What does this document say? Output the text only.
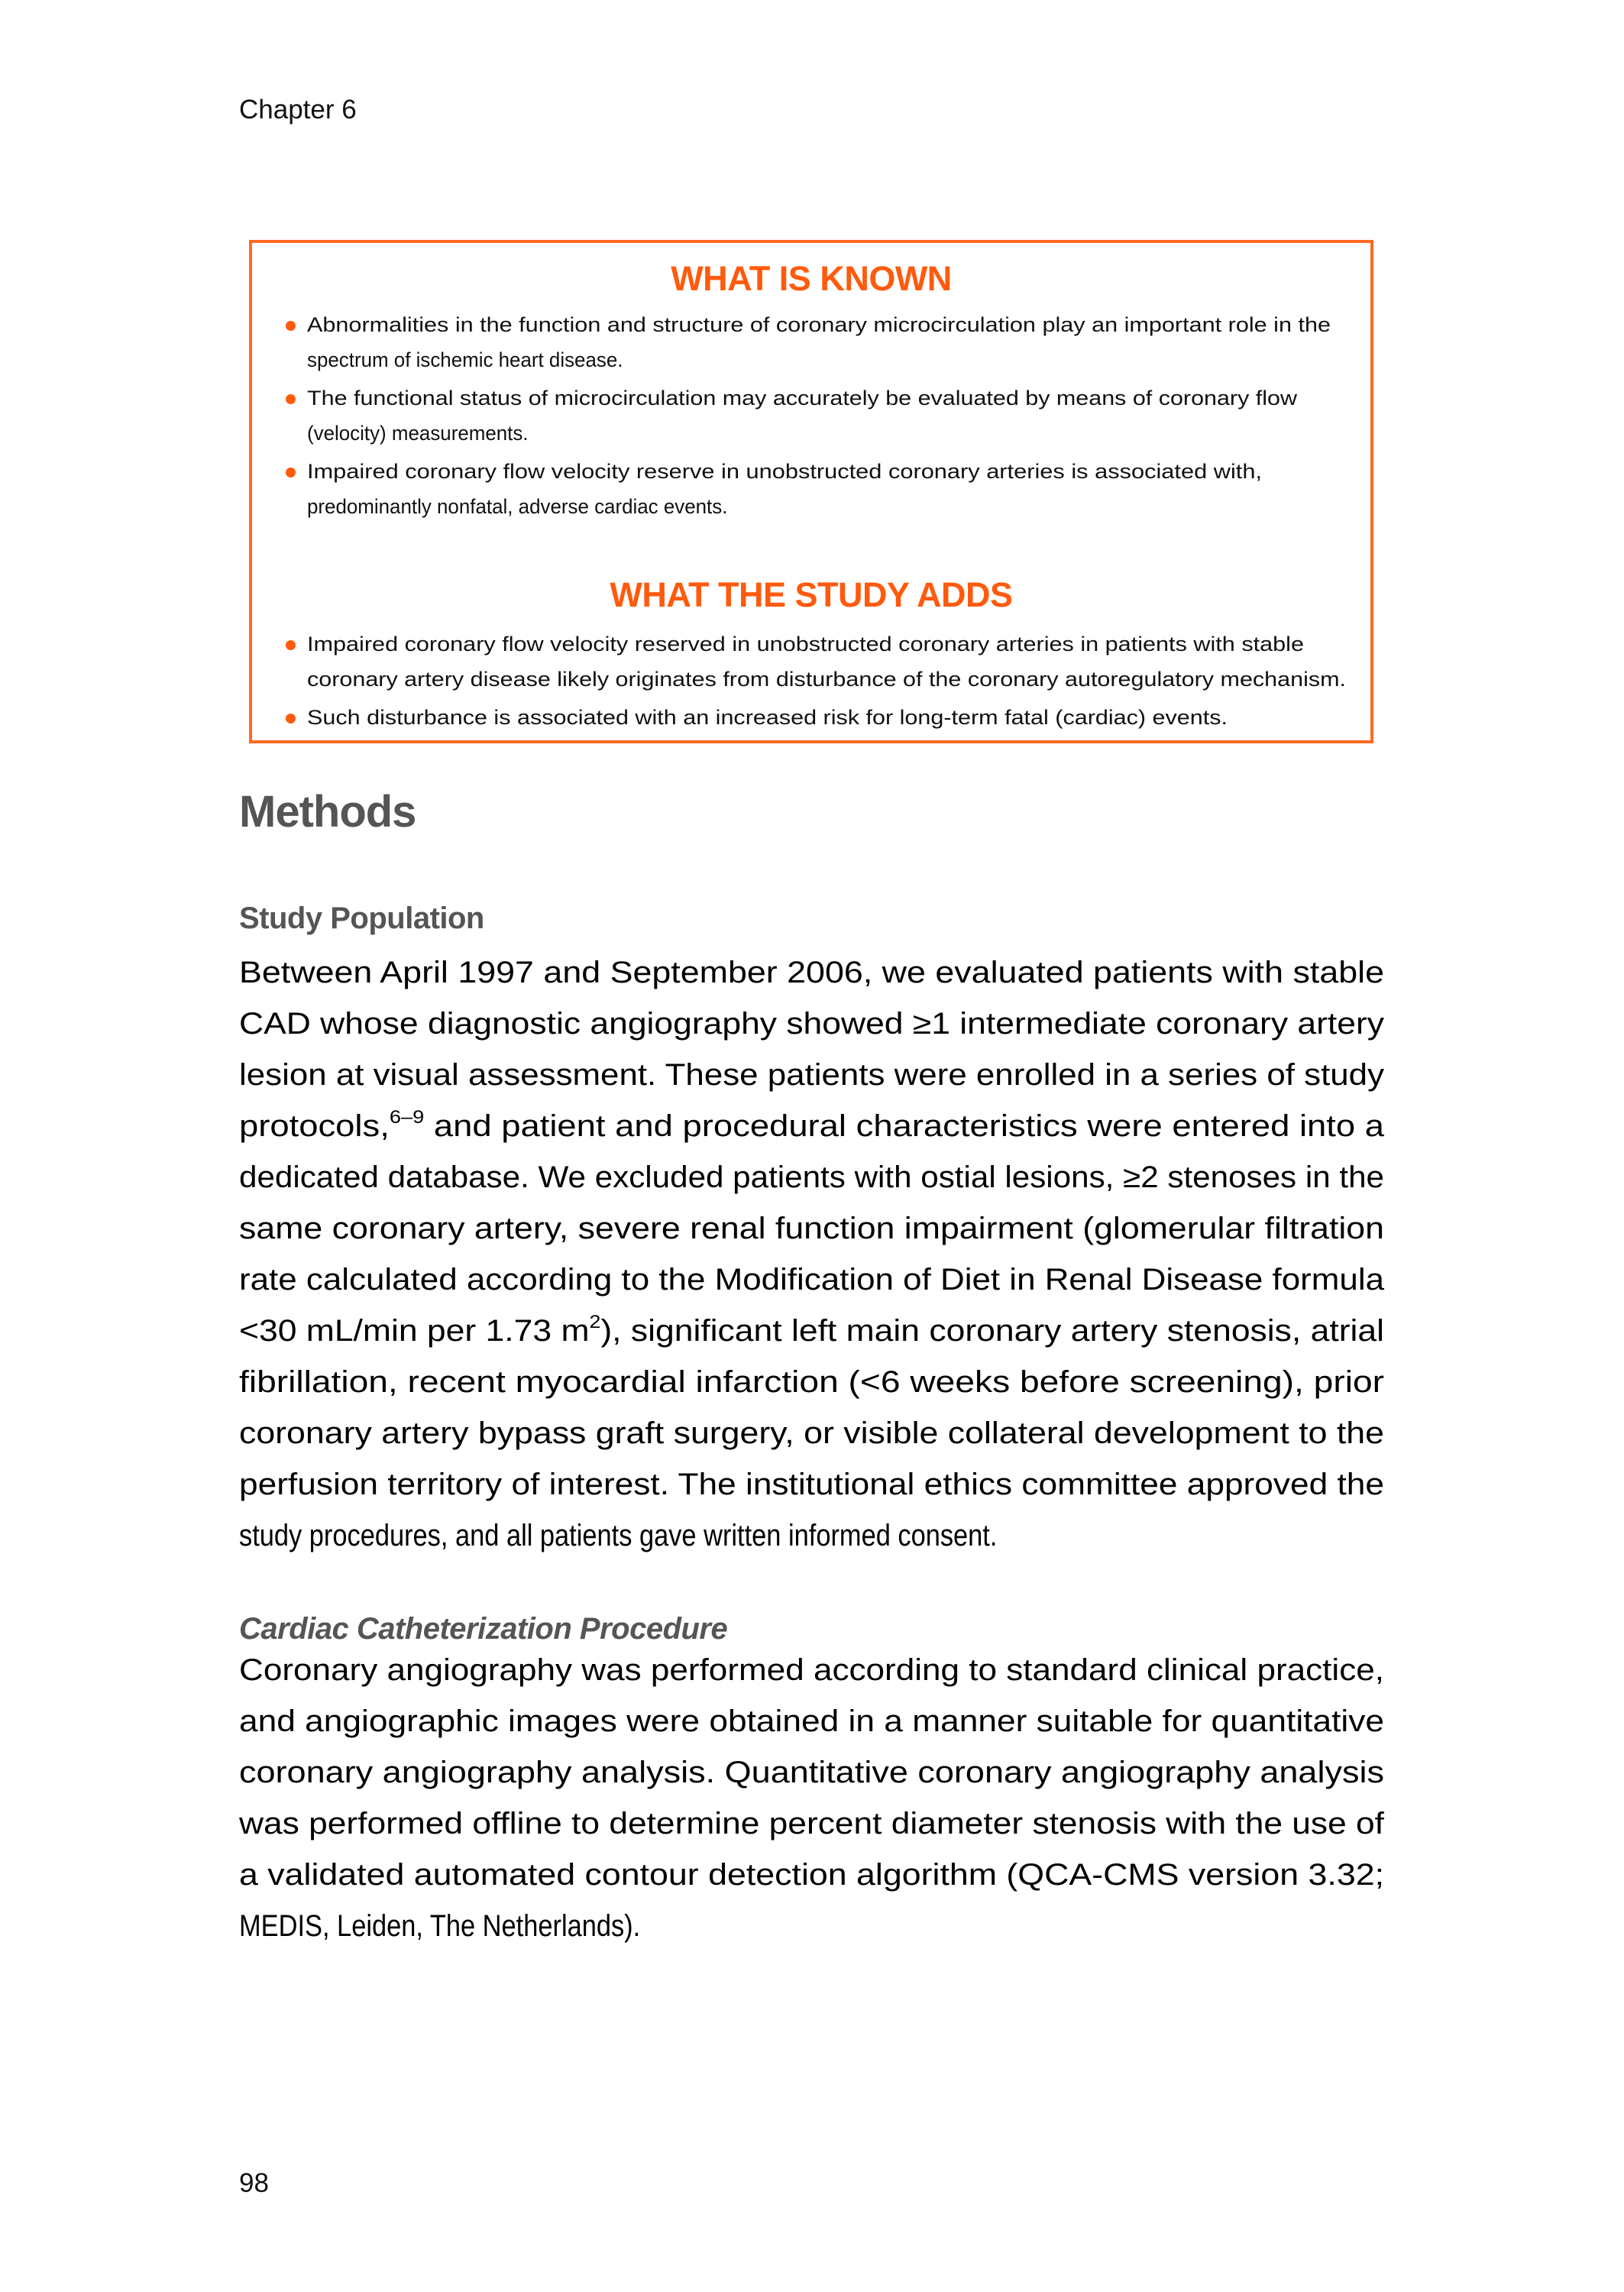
Chapter 6
WHAT IS KNOWN
Abnormalities in the function and structure of coronary microcirculation play an important role in the
spectrum of ischemic heart disease.
The functional status of microcirculation may accurately be evaluated by means of coronary flow
(velocity) measurements.
Impaired coronary flow velocity reserve in unobstructed coronary arteries is associated with,
predominantly nonfatal, adverse cardiac events.
WHAT THE STUDY ADDS
Impaired coronary flow velocity reserved in unobstructed coronary arteries in patients with stable
coronary artery disease likely originates from disturbance of the coronary autoregulatory mechanism.
Such disturbance is associated with an increased risk for long-term fatal (cardiac) events.
Methods
Study Population
Between April 1997 and September 2006, we evaluated patients with stable
CAD whose diagnostic angiography showed ≥1 intermediate coronary artery
lesion at visual assessment. These patients were enrolled in a series of study
protocols,$^{6-9}$ and patient and procedural characteristics were entered into a
dedicated database. We excluded patients with ostial lesions, ≥2 stenoses in the
same coronary artery, severe renal function impairment (glomerular filtration
rate calculated according to the Modification of Diet in Renal Disease formula
<30 mL/min per 1.73 $m^2$), significant left main coronary artery stenosis, atrial
fibrillation, recent myocardial infarction (<6 weeks before screening), prior
coronary artery bypass graft surgery, or visible collateral development to the
perfusion territory of interest. The institutional ethics committee approved the
study procedures, and all patients gave written informed consent.
Cardiac Catheterization Procedure
Coronary angiography was performed according to standard clinical practice,
and angiographic images were obtained in a manner suitable for quantitative
coronary angiography analysis. Quantitative coronary angiography analysis
was performed offline to determine percent diameter stenosis with the use of
a validated automated contour detection algorithm (QCA-CMS version 3.32;
MEDIS, Leiden, The Netherlands).
98
